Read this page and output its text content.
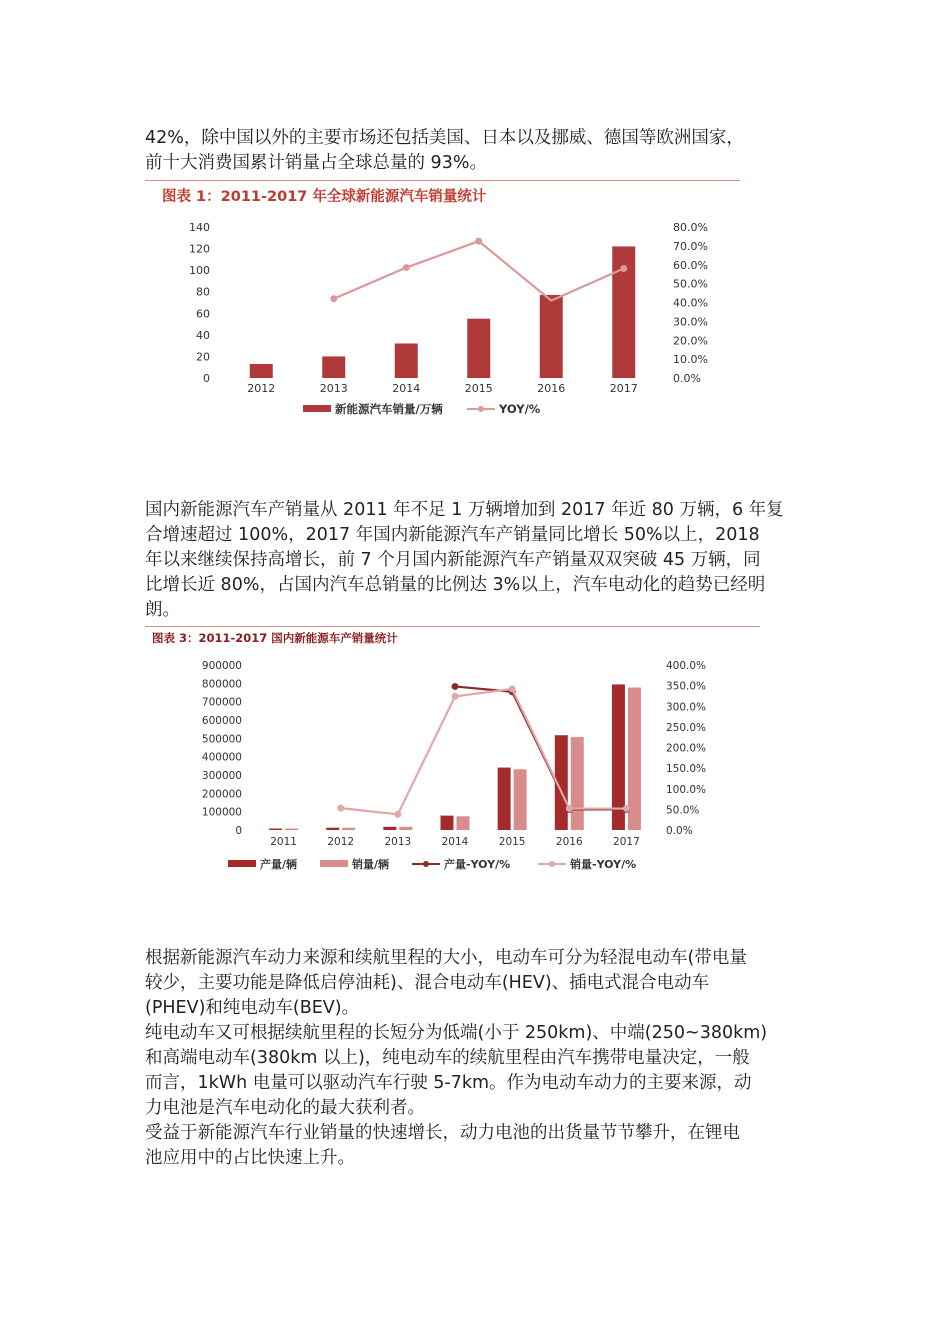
42%，除中国以外的主要市场还包括美国、日本以及挪威、德国等欧洲国家，
前十大消费国累计销量占全球总量的 93%。
图表 1：2011-2017 年全球新能源汽车销量统计
0
20
40
60
80
100
120
140
0.0%
10.0%
20.0%
30.0%
40.0%
50.0%
60.0%
70.0%
80.0%
2012	2013	2014	2015	2016	2017
新能源汽车销量/万辆	YOY/%
国内新能源汽车产销量从 2011 年不足 1 万辆增加到 2017 年近 80 万辆，6 年复
合增速超过 100%，2017 年国内新能源汽车产销量同比增长 50%以上，2018
年以来继续保持高增长，前 7 个月国内新能源汽车产销量双双突破 45 万辆，同
比增长近 80%，占国内汽车总销量的比例达 3%以上，汽车电动化的趋势已经明
朗。
图表 3：2011-2017 国内新能源车产销量统计
0
100000
200000
300000
400000
500000
600000
700000
800000
900000
0.0%
50.0%
100.0%
150.0%
200.0%
250.0%
300.0%
350.0%
400.0%
2011	2012	2013	2014	2015	2016	2017
产量/辆	销量/辆	产量-YOY/%	销量-YOY/%
根据新能源汽车动力来源和续航里程的大小，电动车可分为轻混电动车(带电量
较少，主要功能是降低启停油耗)、混合电动车(HEV)、插电式混合电动车
(PHEV)和纯电动车(BEV)。
纯电动车又可根据续航里程的长短分为低端(小于 250km)、中端(250~380km)
和高端电动车(380km 以上)，纯电动车的续航里程由汽车携带电量决定，一般
而言，1kWh 电量可以驱动汽车行驶 5-7km。作为电动车动力的主要来源，动
力电池是汽车电动化的最大获利者。
受益于新能源汽车行业销量的快速增长，动力电池的出货量节节攀升，在锂电
池应用中的占比快速上升。
